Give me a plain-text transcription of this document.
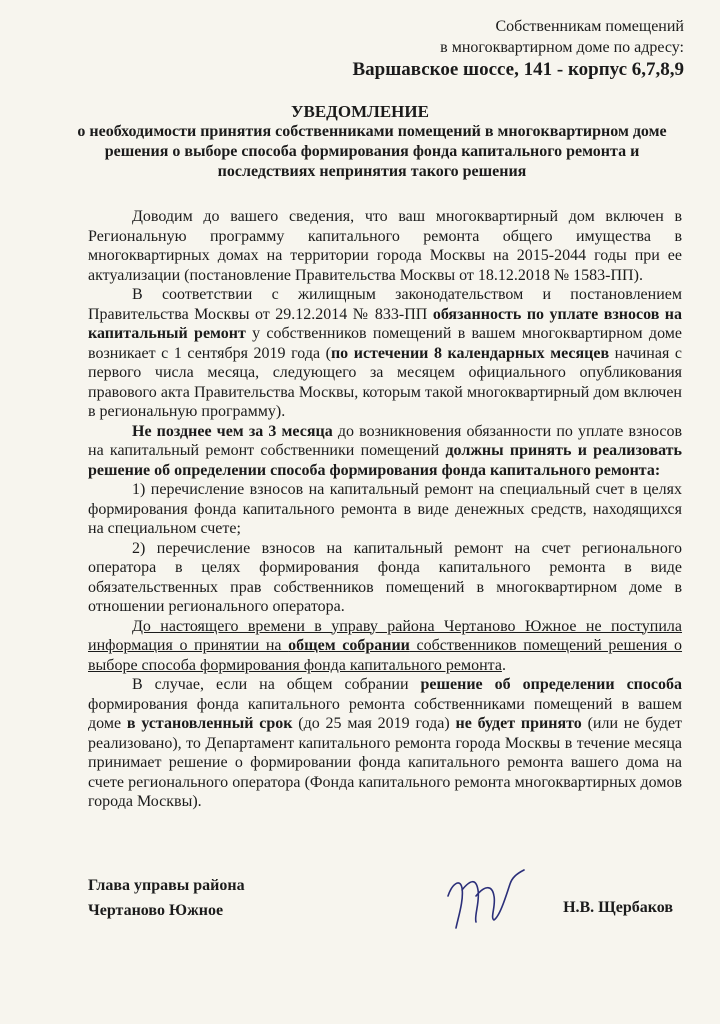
Собственникам помещений
в многоквартирном доме по адресу:
Варшавское шоссе, 141 - корпус 6,7,8,9
УВЕДОМЛЕНИЕ
о необходимости принятия собственниками помещений в многоквартирном доме решения о выборе способа формирования фонда капитального ремонта и последствиях непринятия такого решения

Доводим до вашего сведения, что ваш многоквартирный дом включен в Региональную программу капитального ремонта общего имущества в многоквартирных домах на территории города Москвы на 2015-2044 годы при ее актуализации (постановление Правительства Москвы от 18.12.2018 № 1583-ПП).

В соответствии с жилищным законодательством и постановлением Правительства Москвы от 29.12.2014 № 833-ПП обязанность по уплате взносов на капитальный ремонт у собственников помещений в вашем многоквартирном доме возникает с 1 сентября 2019 года (по истечении 8 календарных месяцев начиная с первого числа месяца, следующего за месяцем официального опубликования правового акта Правительства Москвы, которым такой многоквартирный дом включен в региональную программу).

Не позднее чем за 3 месяца до возникновения обязанности по уплате взносов на капитальный ремонт собственники помещений должны принять и реализовать решение об определении способа формирования фонда капитального ремонта:

1) перечисление взносов на капитальный ремонт на специальный счет в целях формирования фонда капитального ремонта в виде денежных средств, находящихся на специальном счете;

2) перечисление взносов на капитальный ремонт на счет регионального оператора в целях формирования фонда капитального ремонта в виде обязательственных прав собственников помещений в многоквартирном доме в отношении регионального оператора.

До настоящего времени в управу района Чертаново Южное не поступила информация о принятии на общем собрании собственников помещений решения о выборе способа формирования фонда капитального ремонта.

В случае, если на общем собрании решение об определении способа формирования фонда капитального ремонта собственниками помещений в вашем доме в установленный срок (до 25 мая 2019 года) не будет принято (или не будет реализовано), то Департамент капитального ремонта города Москвы в течение месяца принимает решение о формировании фонда капитального ремонта вашего дома на счете регионального оператора (Фонда капитального ремонта многоквартирных домов города Москвы).

Глава управы района
Чертаново Южное	Н.В. Щербаков
